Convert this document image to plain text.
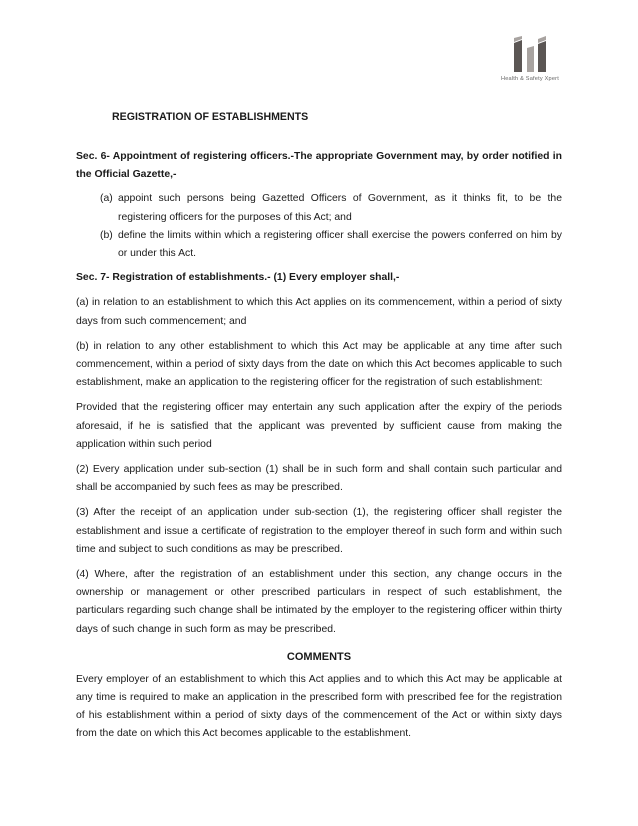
Health & Safety Xpert
REGISTRATION OF ESTABLISHMENTS

Sec. 6- Appointment of registering officers.-The appropriate Government may, by order notified in the Official Gazette,-

(a) appoint such persons being Gazetted Officers of Government, as it thinks fit, to be the registering officers for the purposes of this Act; and
(b) define the limits within which a registering officer shall exercise the powers conferred on him by or under this Act.

Sec. 7- Registration of establishments.- (1) Every employer shall,-

(a) in relation to an establishment to which this Act applies on its commencement, within a period of sixty days from such commencement; and

(b) in relation to any other establishment to which this Act may be applicable at any time after such commencement, within a period of sixty days from the date on which this Act becomes applicable to such establishment, make an application to the registering officer for the registration of such establishment:

Provided that the registering officer may entertain any such application after the expiry of the periods aforesaid, if he is satisfied that the applicant was prevented by sufficient cause from making the application within such period

(2) Every application under sub-section (1) shall be in such form and shall contain such particular and shall be accompanied by such fees as may be prescribed.

(3) After the receipt of an application under sub-section (1), the registering officer shall register the establishment and issue a certificate of registration to the employer thereof in such form and within such time and subject to such conditions as may be prescribed.

(4) Where, after the registration of an establishment under this section, any change occurs in the ownership or management or other prescribed particulars in respect of such establishment, the particulars regarding such change shall be intimated by the employer to the registering officer within thirty days of such change in such form as may be prescribed.

COMMENTS

Every employer of an establishment to which this Act applies and to which this Act may be applicable at any time is required to make an application in the prescribed form with prescribed fee for the registration of his establishment within a period of sixty days of the commencement of the Act or within sixty days from the date on which this Act becomes applicable to the establishment.
